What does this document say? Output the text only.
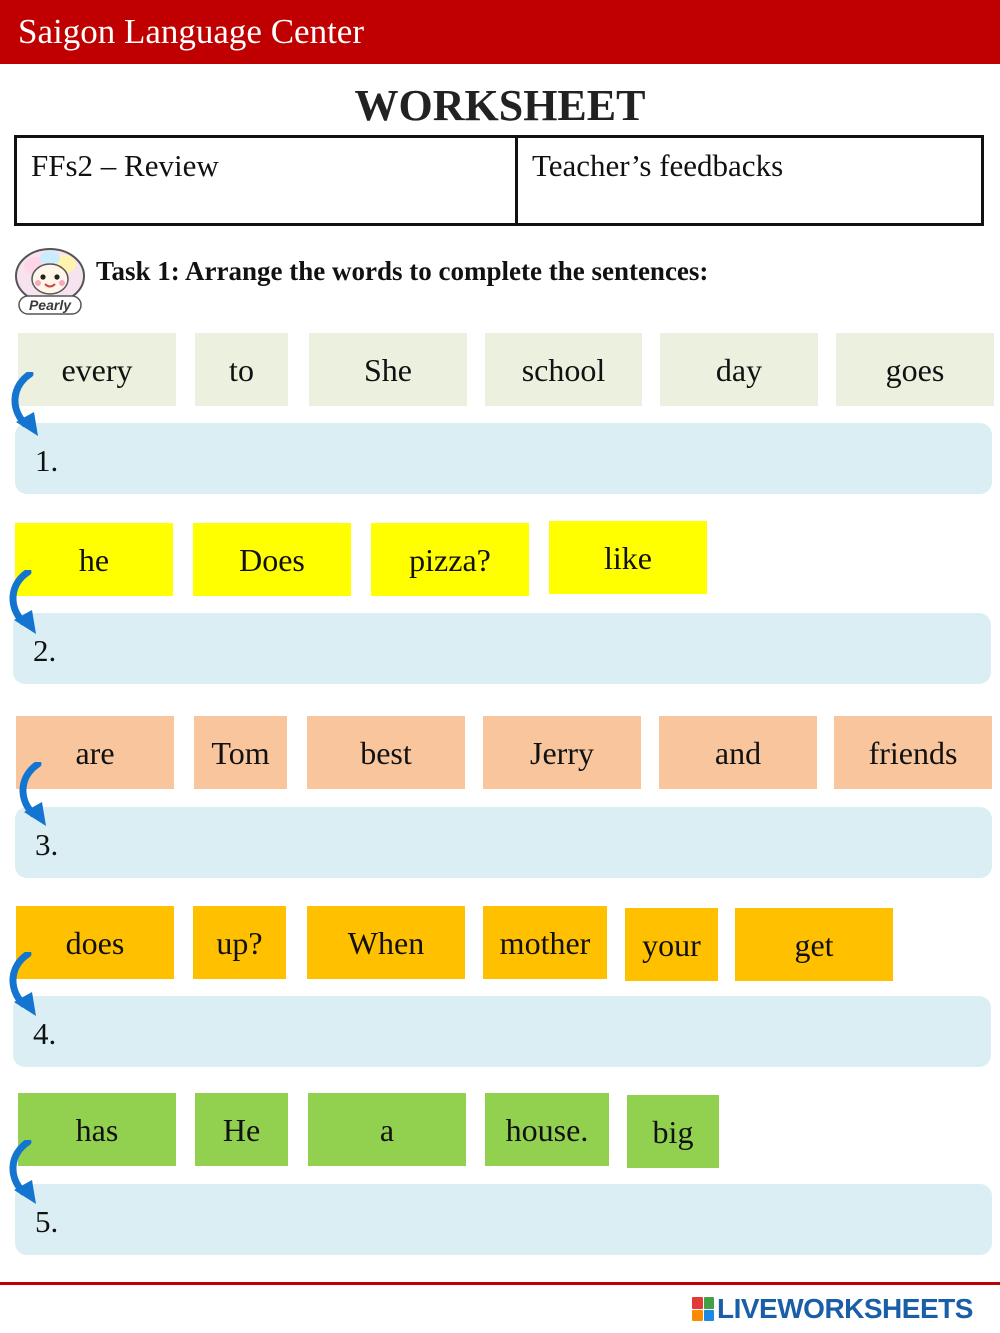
Saigon Language Center
WORKSHEET
FFs2 – Review	Teacher’s feedbacks
Pearly
Task 1: Arrange the words to complete the sentences:
every	to	She	school	day	goes
1.
he	Does	pizza?	like
2.
are	Tom	best	Jerry	and	friends
3.
does	up?	When	mother	your	get
4.
has	He	a	house.	big
5.
LIVEWORKSHEETS
